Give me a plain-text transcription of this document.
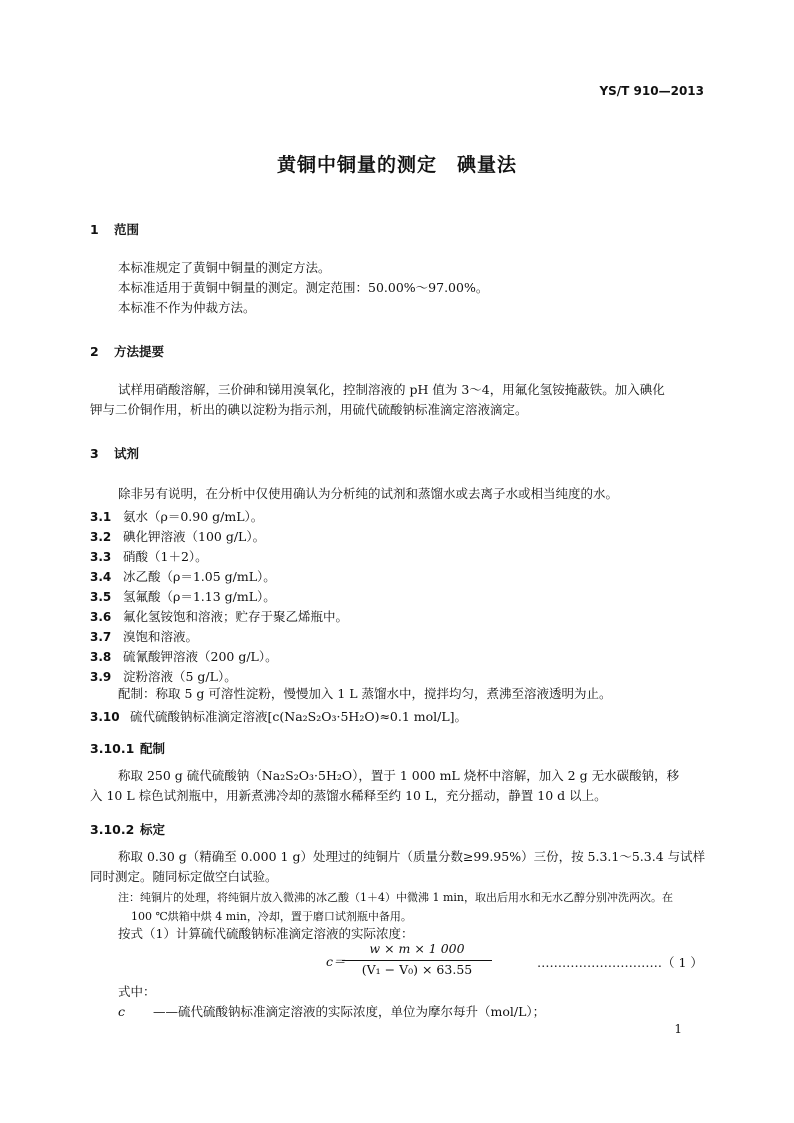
YS/T 910—2013
黄铜中铜量的测定　碘量法
1 范围
本标准规定了黄铜中铜量的测定方法。
本标准适用于黄铜中铜量的测定。测定范围：50.00%～97.00%。
本标准不作为仲裁方法。
2 方法提要
试样用硝酸溶解，三价砷和锑用溴氧化，控制溶液的 pH 值为 3～4，用氟化氢铵掩蔽铁。加入碘化
钾与二价铜作用，析出的碘以淀粉为指示剂，用硫代硫酸钠标准滴定溶液滴定。
3 试剂
除非另有说明，在分析中仅使用确认为分析纯的试剂和蒸馏水或去离子水或相当纯度的水。
3.1 氨水（ρ＝0.90 g/mL）。
3.2 碘化钾溶液（100 g/L）。
3.3 硝酸（1＋2）。
3.4 冰乙酸（ρ＝1.05 g/mL）。
3.5 氢氟酸（ρ＝1.13 g/mL）。
3.6 氟化氢铵饱和溶液；贮存于聚乙烯瓶中。
3.7 溴饱和溶液。
3.8 硫氰酸钾溶液（200 g/L）。
3.9 淀粉溶液（5 g/L）。
配制：称取 5 g 可溶性淀粉，慢慢加入 1 L 蒸馏水中，搅拌均匀，煮沸至溶液透明为止。
3.10 硫代硫酸钠标准滴定溶液[c(Na₂S₂O₃·5H₂O)≈0.1 mol/L]。
3.10.1 配制
称取 250 g 硫代硫酸钠（Na₂S₂O₃·5H₂O），置于 1 000 mL 烧杯中溶解，加入 2 g 无水碳酸钠，移
入 10 L 棕色试剂瓶中，用新煮沸冷却的蒸馏水稀释至约 10 L，充分摇动，静置 10 d 以上。
3.10.2 标定
称取 0.30 g（精确至 0.000 1 g）处理过的纯铜片（质量分数≥99.95%）三份，按 5.3.1～5.3.4 与试样
同时测定。随同标定做空白试验。
注：纯铜片的处理，将纯铜片放入微沸的冰乙酸（1＋4）中微沸 1 min，取出后用水和无水乙醇分别冲洗两次。在
100 ℃烘箱中烘 4 min，冷却，置于磨口试剂瓶中备用。
按式（1）计算硫代硫酸钠标准滴定溶液的实际浓度：
c＝
w × m × 1 000
(V₁ − V₀) × 63.55	…………………………（ 1 ）
式中：
c ——硫代硫酸钠标准滴定溶液的实际浓度，单位为摩尔每升（mol/L）；
1
